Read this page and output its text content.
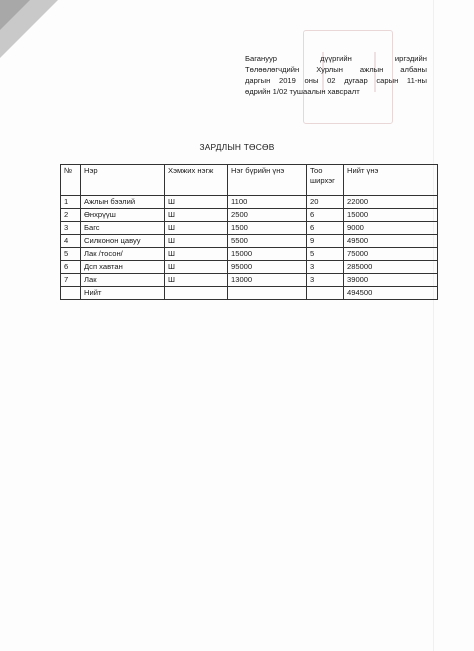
Багануур дүүргийн иргэдийн
Төлөөлөгчдийн Хурлын ажлын албаны
даргын 2019 оны 02 дугаар сарын 11-ны
өдрийн 1/02 тушаалын хавсралт
ЗАРДЛЫН ТӨСӨВ
№	Нэр	Хэмжих нэгж	Нэг бүрийн үнэ	Тоо ширхэг	Нийт үнэ
1	Ажлын бээлий	Ш	1100	20	22000
2	Өнхрүүш	Ш	2500	6	15000
3	Багс	Ш	1500	6	9000
4	Силконон цавуу	Ш	5500	9	49500
5	Лак /тосон/	Ш	15000	5	75000
6	Дсп хавтан	Ш	95000	3	285000
7	Лак	Ш	13000	3	39000
	Нийт				494500
